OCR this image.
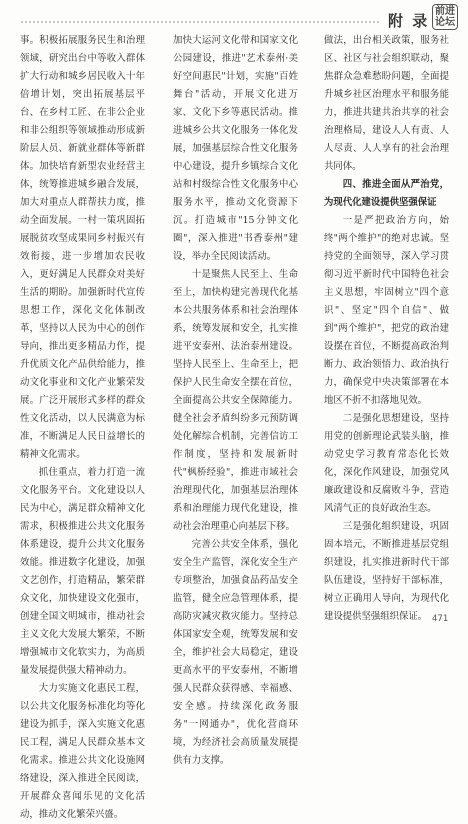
附 录
前进
论坛

事。积极拓展服务民生和治理领域，研究出台中等收入群体扩大行动和城乡居民收入十年倍增计划，突出拓展基层平台、在乡村工匠、在非公企业和非公组织等领域推动形成新阶层人员、新就业群体等新群体。加快培育新型农业经营主体，统筹推进城乡融合发展，加大对重点人群帮扶力度，推动全面发展。一村一策巩固拓展脱贫攻坚成果同乡村振兴有效衔接，进一步增加农民收入，更好满足人民群众对美好生活的期盼。加强新时代宣传思想工作，深化文化体制改革，坚持以人民为中心的创作导向，推出更多精品力作，提升优质文化产品供给能力，推动文化事业和文化产业繁荣发展。广泛开展形式多样的群众性文化活动，以人民满意为标准，不断满足人民日益增长的精神文化需求。

抓住重点，着力打造一流文化服务平台。文化建设以人民为中心，满足群众精神文化需求，积极推进公共文化服务体系建设，提升公共文化服务效能。推进数字化建设，加强文艺创作，打造精品，繁荣群众文化，加快建设文化强市，创建全国文明城市，推动社会主义文化大发展大繁荣，不断增强城市文化软实力，为高质量发展提供强大精神动力。

大力实施文化惠民工程，以公共文化服务标准化均等化建设为抓手，深入实施文化惠民工程，满足人民群众基本文化需求。推进公共文化设施网络建设，深入推进全民阅读，开展群众喜闻乐见的文化活动，推动文化繁荣兴盛。

加快大运河文化带和国家文化公园建设，推进"艺术泰州·美好空间惠民"计划，实施"百姓舞台"活动，开展文化进万家、文化下乡等惠民活动。推进城乡公共文化服务一体化发展，加强基层综合性文化服务中心建设，提升乡镇综合文化站和村级综合性文化服务中心服务水平，推动文化资源下沉。打造城市"15分钟文化圈"，深入推进"书香泰州"建设，举办全民阅读活动。

十是聚焦人民至上、生命至上，加快构建完善现代化基本公共服务体系和社会治理体系，统筹发展和安全，扎实推进平安泰州、法治泰州建设。坚持人民至上、生命至上，把保护人民生命安全摆在首位，全面提高公共安全保障能力。健全社会矛盾纠纷多元预防调处化解综合机制，完善信访工作制度，坚持和发展新时代"枫桥经验"，推进市域社会治理现代化，加强基层治理体系和治理能力现代化建设，推动社会治理重心向基层下移。

完善公共安全体系，强化安全生产监管，深化安全生产专项整治，加强食品药品安全监管，健全应急管理体系，提高防灾减灾救灾能力。坚持总体国家安全观，统筹发展和安全，维护社会大局稳定，建设更高水平的平安泰州，不断增强人民群众获得感、幸福感、安全感。持续深化政务服务"一网通办"，优化营商环境，为经济社会高质量发展提供有力支撑。

做法，出台相关政策，服务社区、社区与社会组织联动，聚焦群众急难愁盼问题，全面提升城乡社区治理水平和服务能力，推进共建共治共享的社会治理格局，建设人人有责、人人尽责、人人享有的社会治理共同体。

四、推进全面从严治党，为现代化建设提供坚强保证

一是严把政治方向，始终"两个维护"的绝对忠诚。坚持党的全面领导，深入学习贯彻习近平新时代中国特色社会主义思想，牢固树立"四个意识"、坚定"四个自信"、做到"两个维护"，把党的政治建设摆在首位，不断提高政治判断力、政治领悟力、政治执行力，确保党中央决策部署在本地区不折不扣落地见效。

二是强化思想建设，坚持用党的创新理论武装头脑，推动党史学习教育常态化长效化，深化作风建设，加强党风廉政建设和反腐败斗争，营造风清气正的良好政治生态。

三是强化组织建设，巩固固本培元，不断推进基层党组织建设，扎实推进新时代干部队伍建设，坚持好干部标准，树立正确用人导向，为现代化建设提供坚强组织保证。 471
